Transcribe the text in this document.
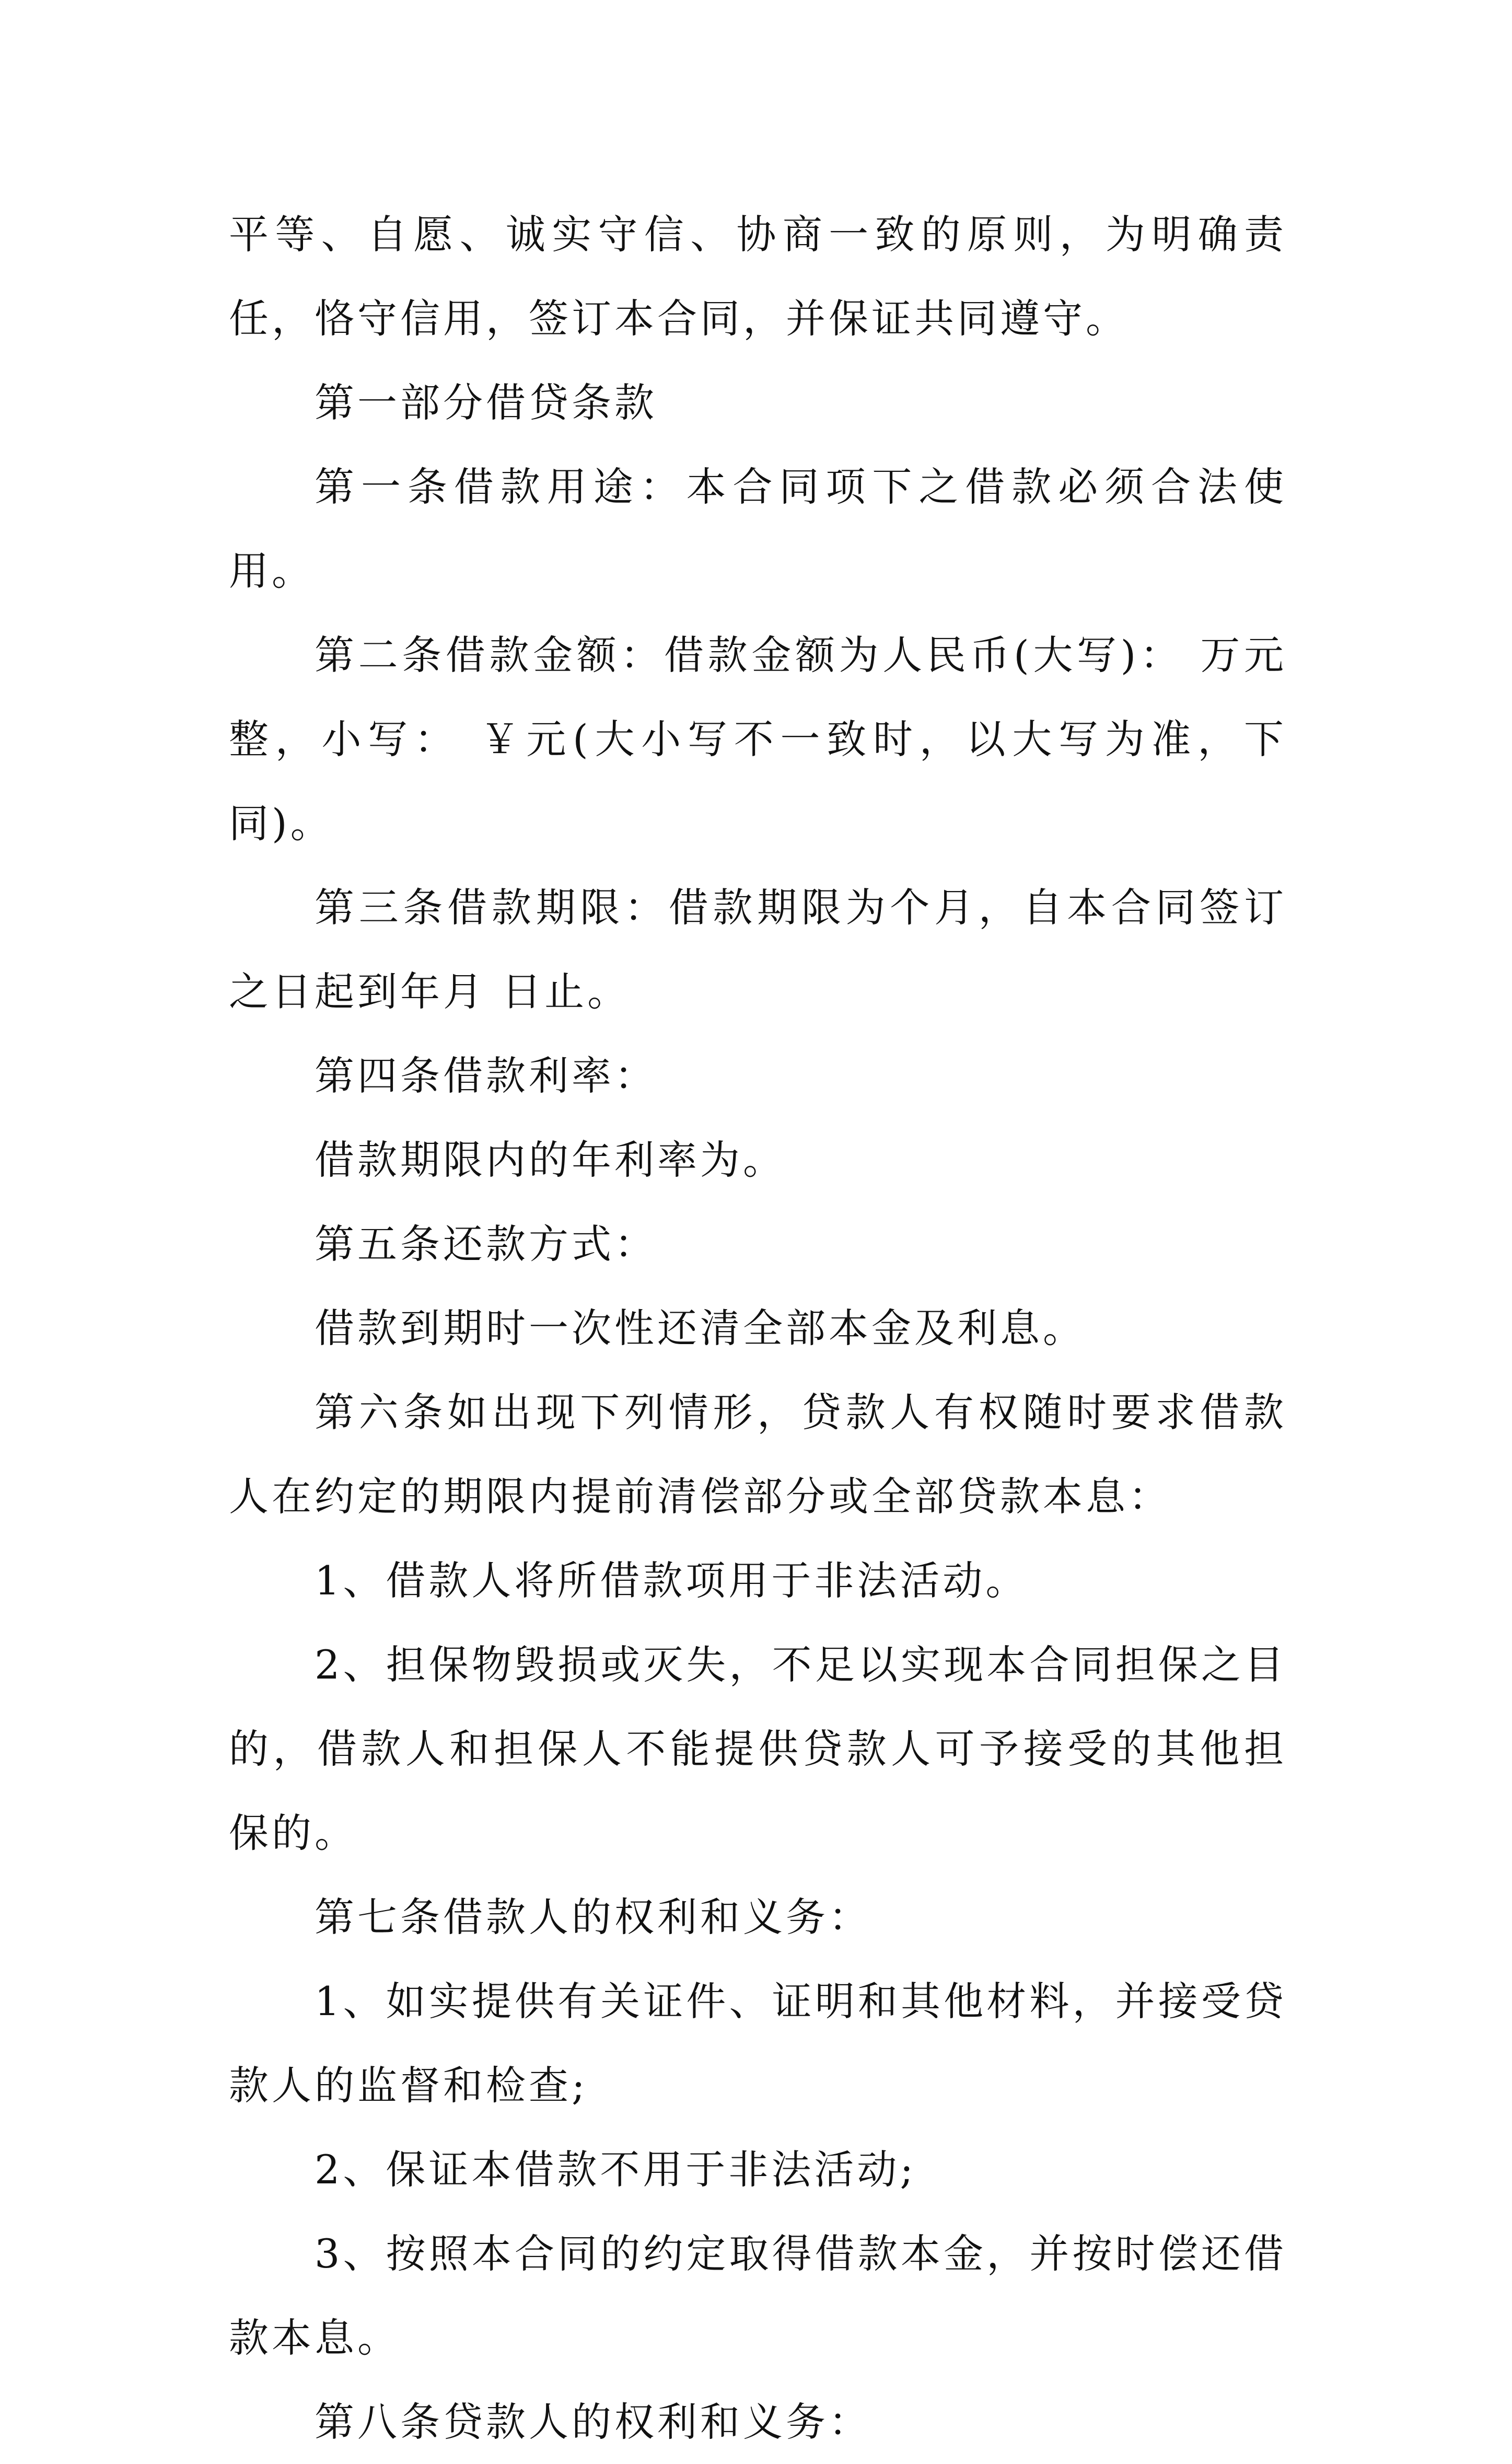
平等、自愿、诚实守信、协商一致的原则，为明确责任，恪守信用，签订本合同，并保证共同遵守。

第一部分借贷条款

第一条借款用途：本合同项下之借款必须合法使用。

第二条借款金额：借款金额为人民币(大写)： 万元整，小写： ￥元(大小写不一致时，以大写为准，下同)。

第三条借款期限：借款期限为个月，自本合同签订之日起到年月 日止。

第四条借款利率：

借款期限内的年利率为。

第五条还款方式：

借款到期时一次性还清全部本金及利息。

第六条如出现下列情形，贷款人有权随时要求借款人在约定的期限内提前清偿部分或全部贷款本息：

1、借款人将所借款项用于非法活动。

2、担保物毁损或灭失，不足以实现本合同担保之目的，借款人和担保人不能提供贷款人可予接受的其他担保的。

第七条借款人的权利和义务：

1、如实提供有关证件、证明和其他材料，并接受贷款人的监督和检查;

2、保证本借款不用于非法活动;

3、按照本合同的约定取得借款本金，并按时偿还借款本息。

第八条贷款人的权利和义务：
